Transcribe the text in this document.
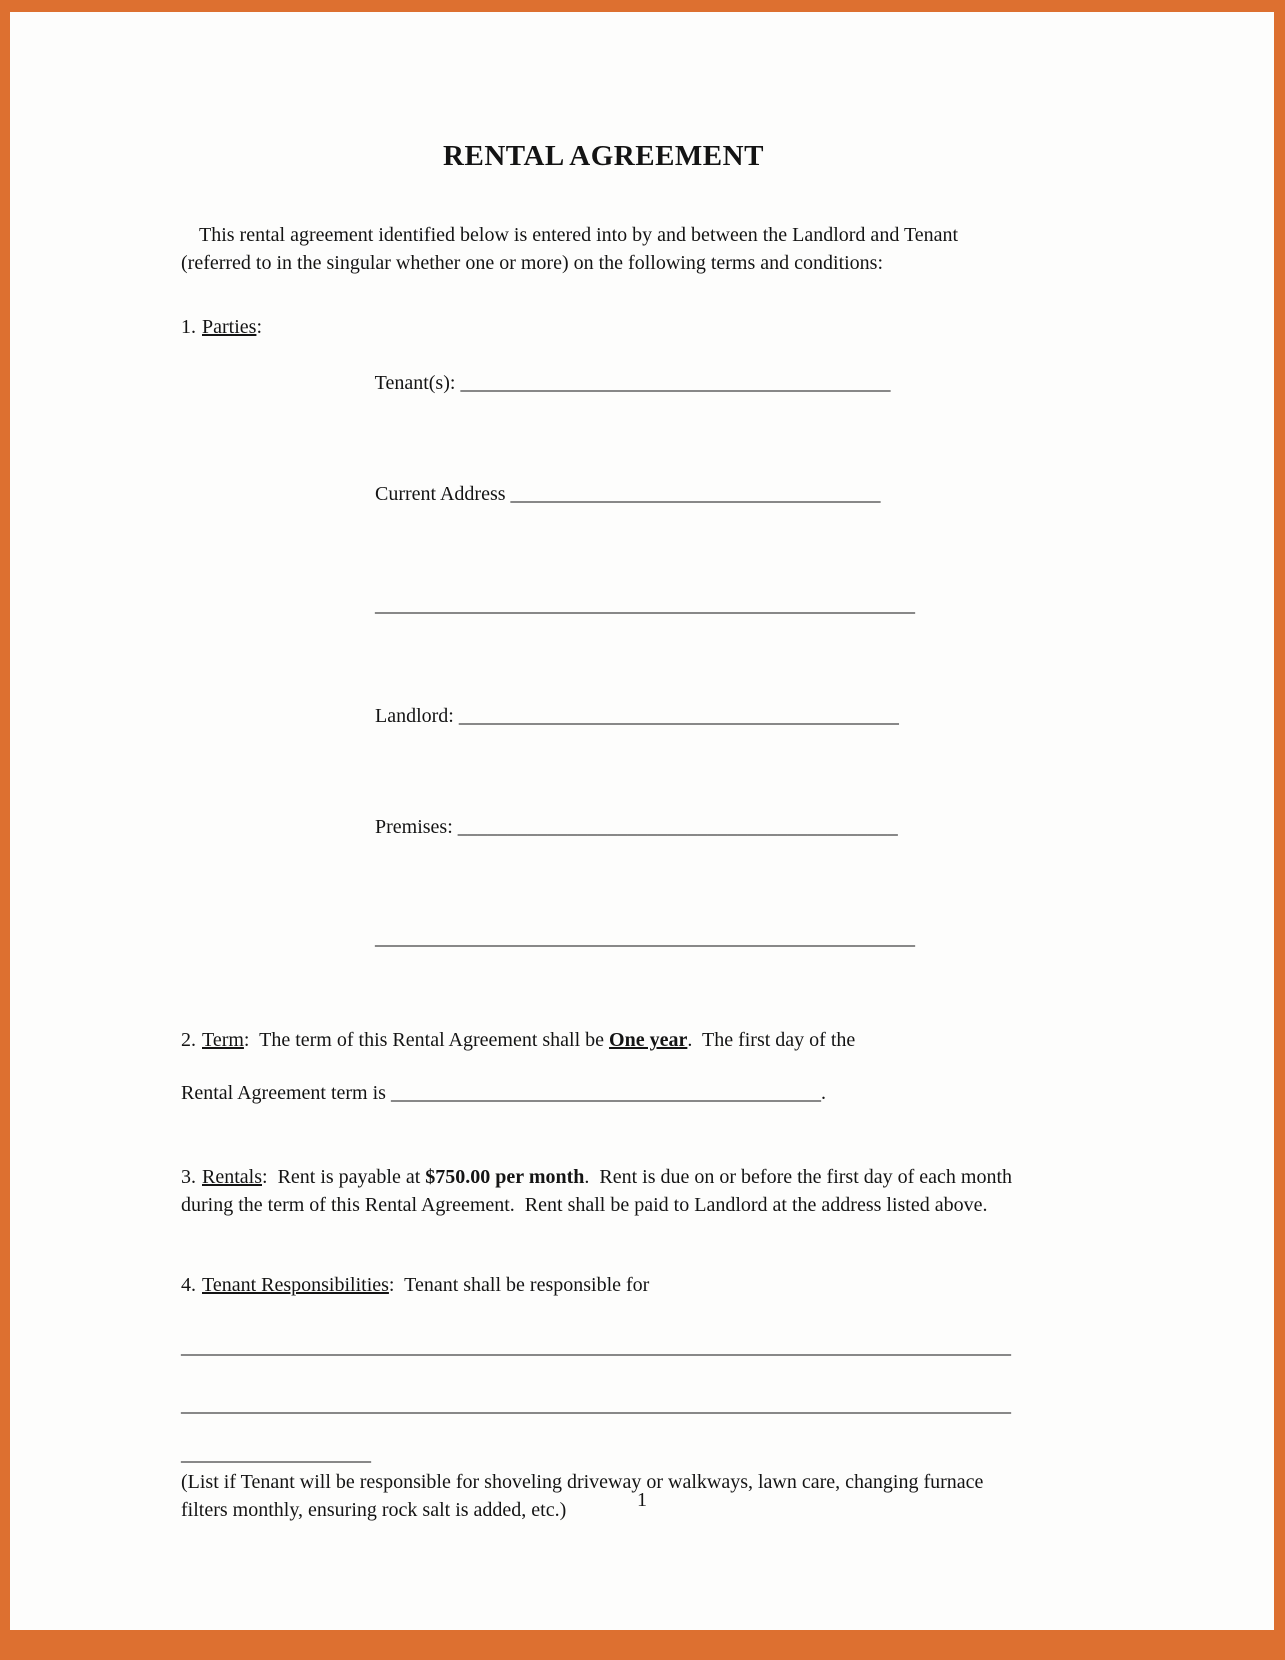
RENTAL AGREEMENT

This rental agreement identified below is entered into by and between the Landlord and Tenant (referred to in the singular whether one or more) on the following terms and conditions:

1. Parties:

Tenant(s): ___________________________________________

Current Address _____________________________________

______________________________________________________

Landlord: ____________________________________________

Premises: ____________________________________________

______________________________________________________

2. Term:  The term of this Rental Agreement shall be One year.  The first day of the

Rental Agreement term is ___________________________________________.

3. Rentals:  Rent is payable at $750.00 per month.  Rent is due on or before the first day of each month during the term of this Rental Agreement.  Rent shall be paid to Landlord at the address listed above.

4. Tenant Responsibilities:  Tenant shall be responsible for

___________________________________________________________________________________

___________________________________________________________________________________

___________________

(List if Tenant will be responsible for shoveling driveway or walkways, lawn care, changing furnace filters monthly, ensuring rock salt is added, etc.)	1
